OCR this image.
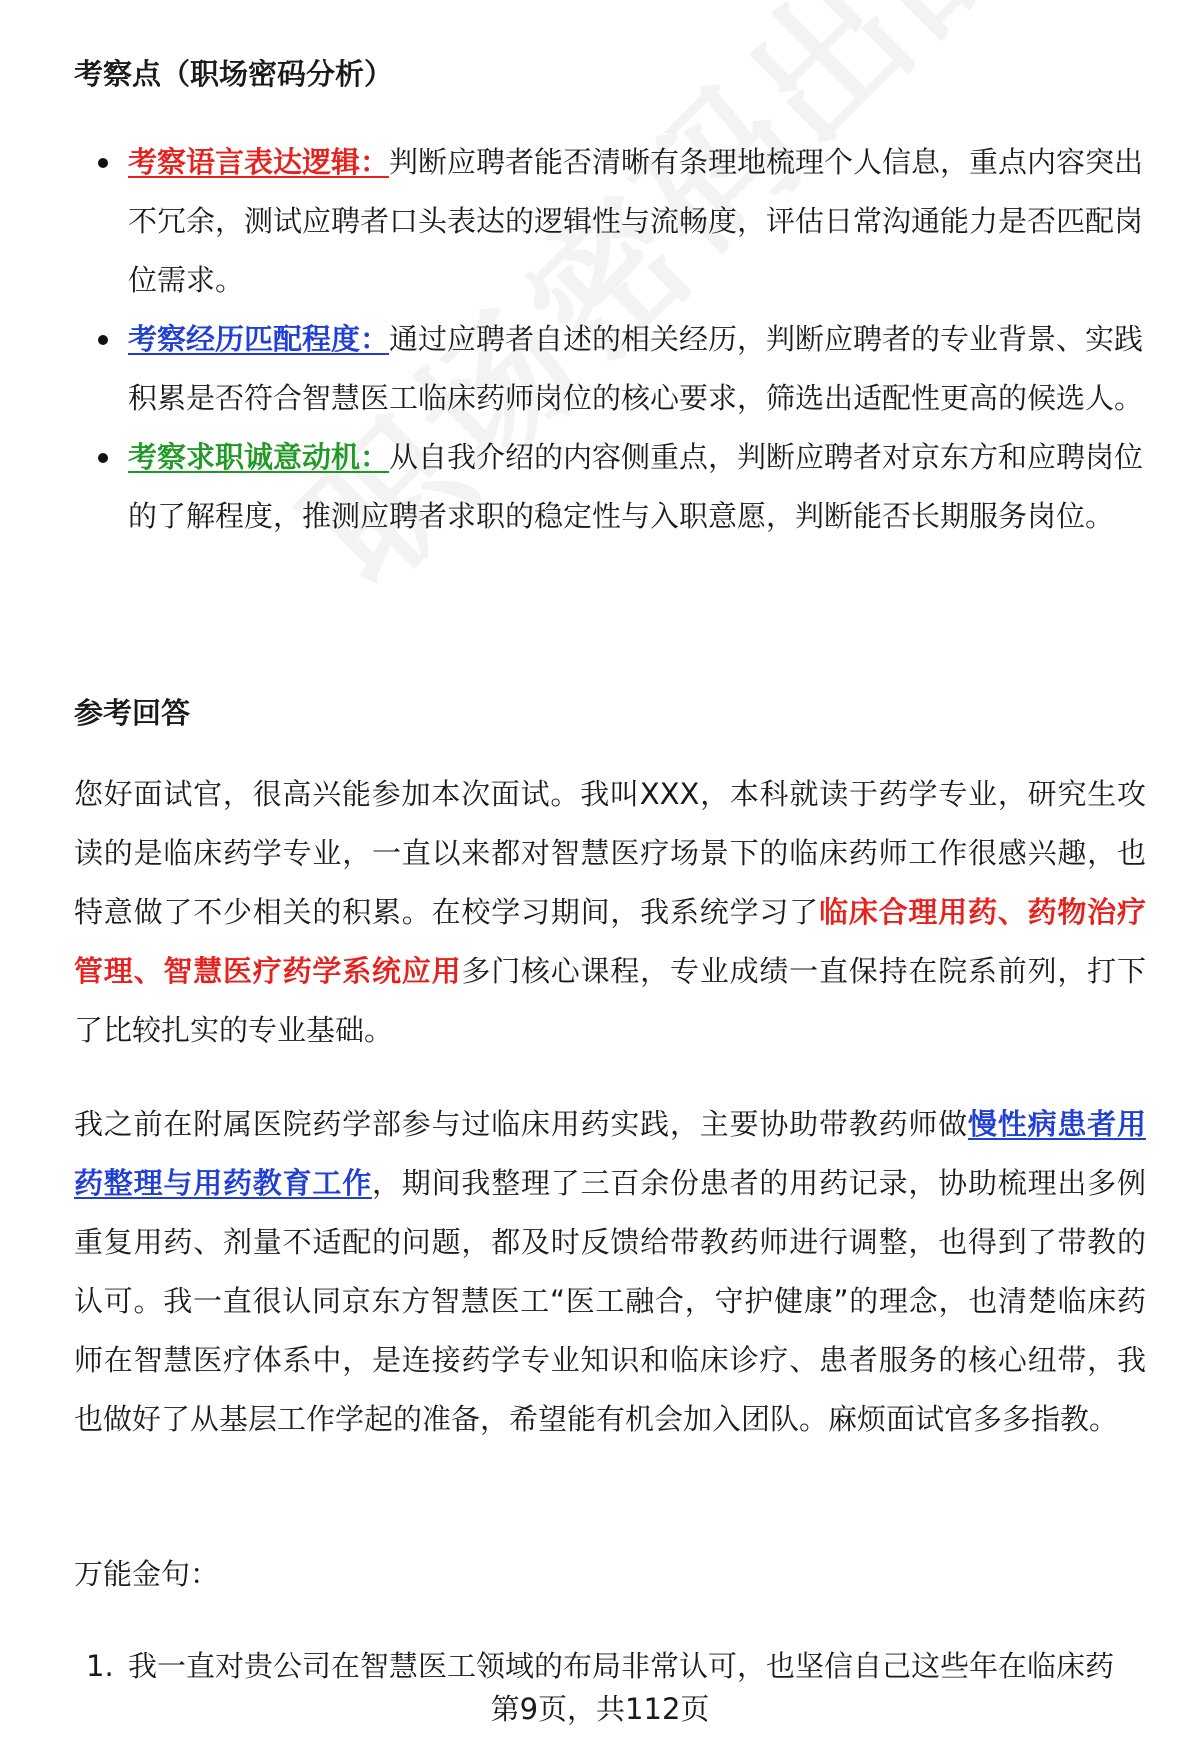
考察点（职场密码分析）
考察语言表达逻辑：判断应聘者能否清晰有条理地梳理个人信息，重点内容突出不冗余，测试应聘者口头表达的逻辑性与流畅度，评估日常沟通能力是否匹配岗位需求。
考察经历匹配程度：通过应聘者自述的相关经历，判断应聘者的专业背景、实践积累是否符合智慧医工临床药师岗位的核心要求，筛选出适配性更高的候选人。
考察求职诚意动机：从自我介绍的内容侧重点，判断应聘者对京东方和应聘岗位的了解程度，推测应聘者求职的稳定性与入职意愿，判断能否长期服务岗位。
参考回答

您好面试官，很高兴能参加本次面试。我叫XXX，本科就读于药学专业，研究生攻读的是临床药学专业，一直以来都对智慧医疗场景下的临床药师工作很感兴趣，也特意做了不少相关的积累。在校学习期间，我系统学习了临床合理用药、药物治疗管理、智慧医疗药学系统应用多门核心课程，专业成绩一直保持在院系前列，打下了比较扎实的专业基础。

我之前在附属医院药学部参与过临床用药实践，主要协助带教药师做慢性病患者用药整理与用药教育工作，期间我整理了三百余份患者的用药记录，协助梳理出多例重复用药、剂量不适配的问题，都及时反馈给带教药师进行调整，也得到了带教的认可。我一直很认同京东方智慧医工“医工融合，守护健康”的理念，也清楚临床药师在智慧医疗体系中，是连接药学专业知识和临床诊疗、患者服务的核心纽带，我也做好了从基层工作学起的准备，希望能有机会加入团队。麻烦面试官多多指教。

万能金句：

1. 我一直对贵公司在智慧医工领域的布局非常认可，也坚信自己这些年在临床药
第9页，共112页
